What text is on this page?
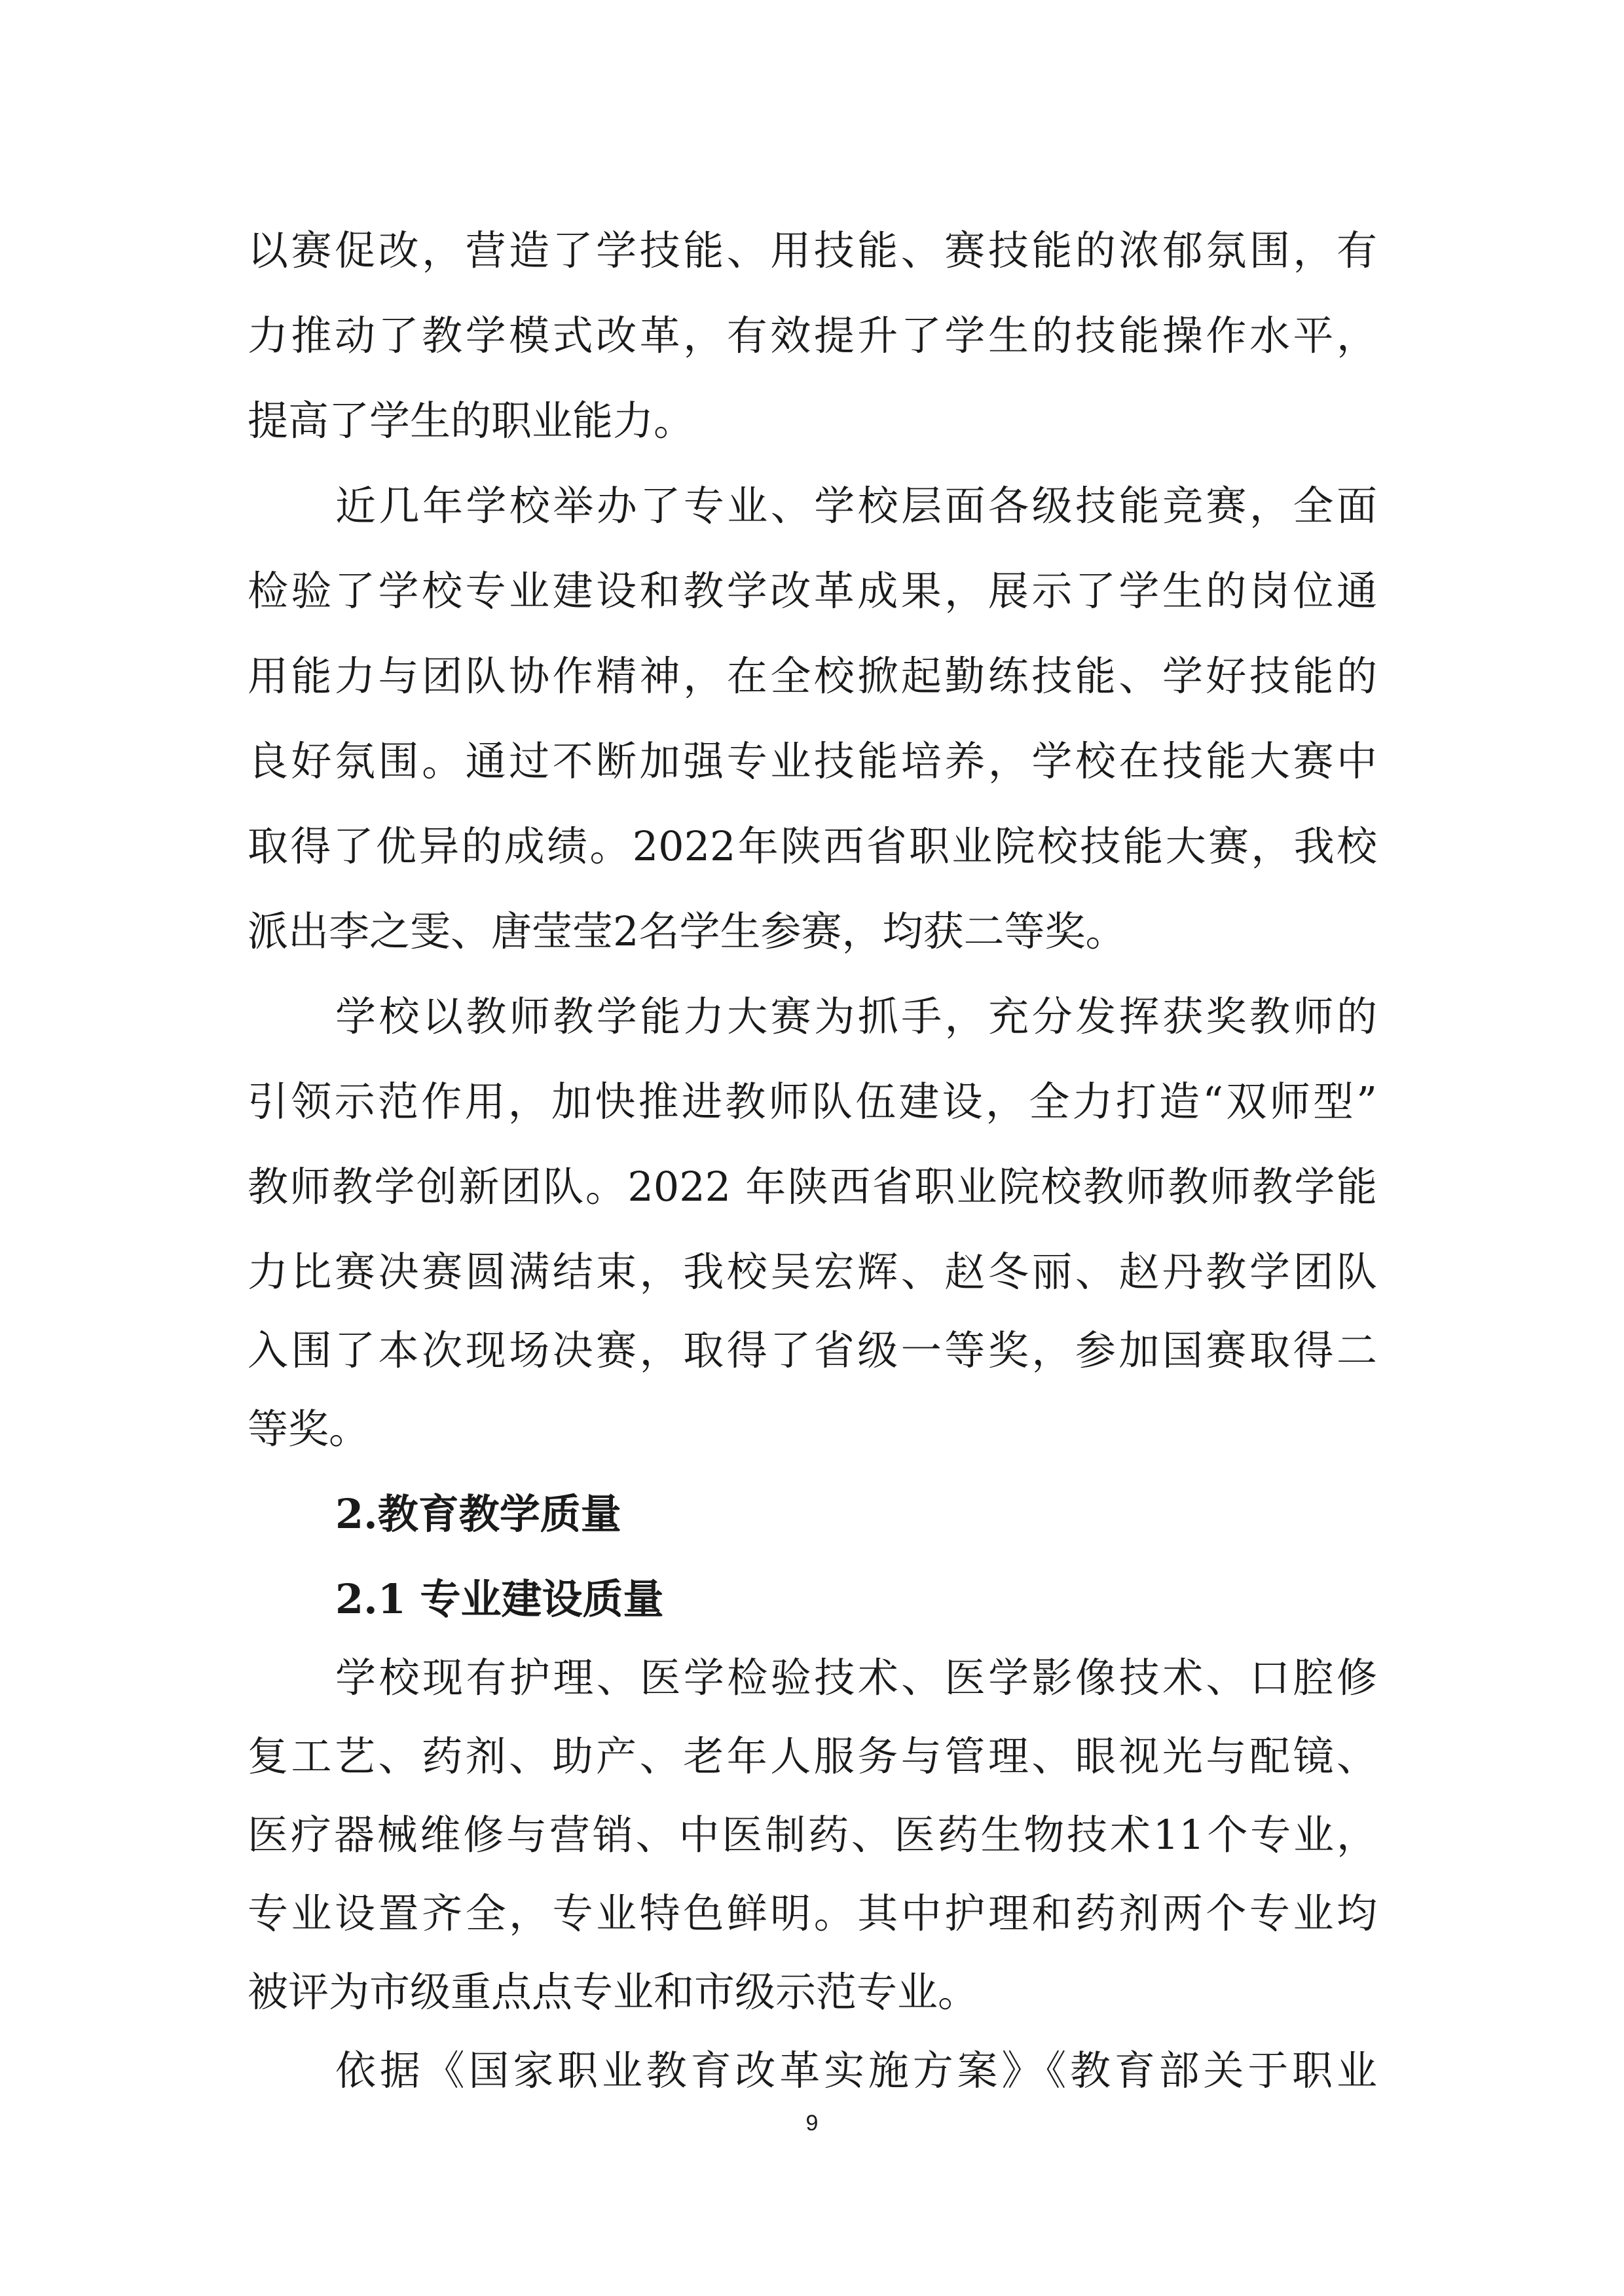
以赛促改，营造了学技能、用技能、赛技能的浓郁氛围，有
力推动了教学模式改革，有效提升了学生的技能操作水平，
提高了学生的职业能力。
近几年学校举办了专业、学校层面各级技能竞赛，全面
检验了学校专业建设和教学改革成果，展示了学生的岗位通
用能力与团队协作精神，在全校掀起勤练技能、学好技能的
良好氛围。通过不断加强专业技能培养，学校在技能大赛中
取得了优异的成绩。2022年陕西省职业院校技能大赛，我校
派出李之雯、唐莹莹2名学生参赛，均获二等奖。
学校以教师教学能力大赛为抓手，充分发挥获奖教师的
引领示范作用，加快推进教师队伍建设，全力打造“双师型”
教师教学创新团队。2022 年陕西省职业院校教师教师教学能
力比赛决赛圆满结束，我校吴宏辉、赵冬丽、赵丹教学团队
入围了本次现场决赛，取得了省级一等奖，参加国赛取得二
等奖。
2.教育教学质量
2.1 专业建设质量
学校现有护理、医学检验技术、医学影像技术、口腔修
复工艺、药剂、助产、老年人服务与管理、眼视光与配镜、
医疗器械维修与营销、中医制药、医药生物技术11个专业，
专业设置齐全，专业特色鲜明。其中护理和药剂两个专业均
被评为市级重点点专业和市级示范专业。
依据《国家职业教育改革实施方案》《教育部关于职业
9
